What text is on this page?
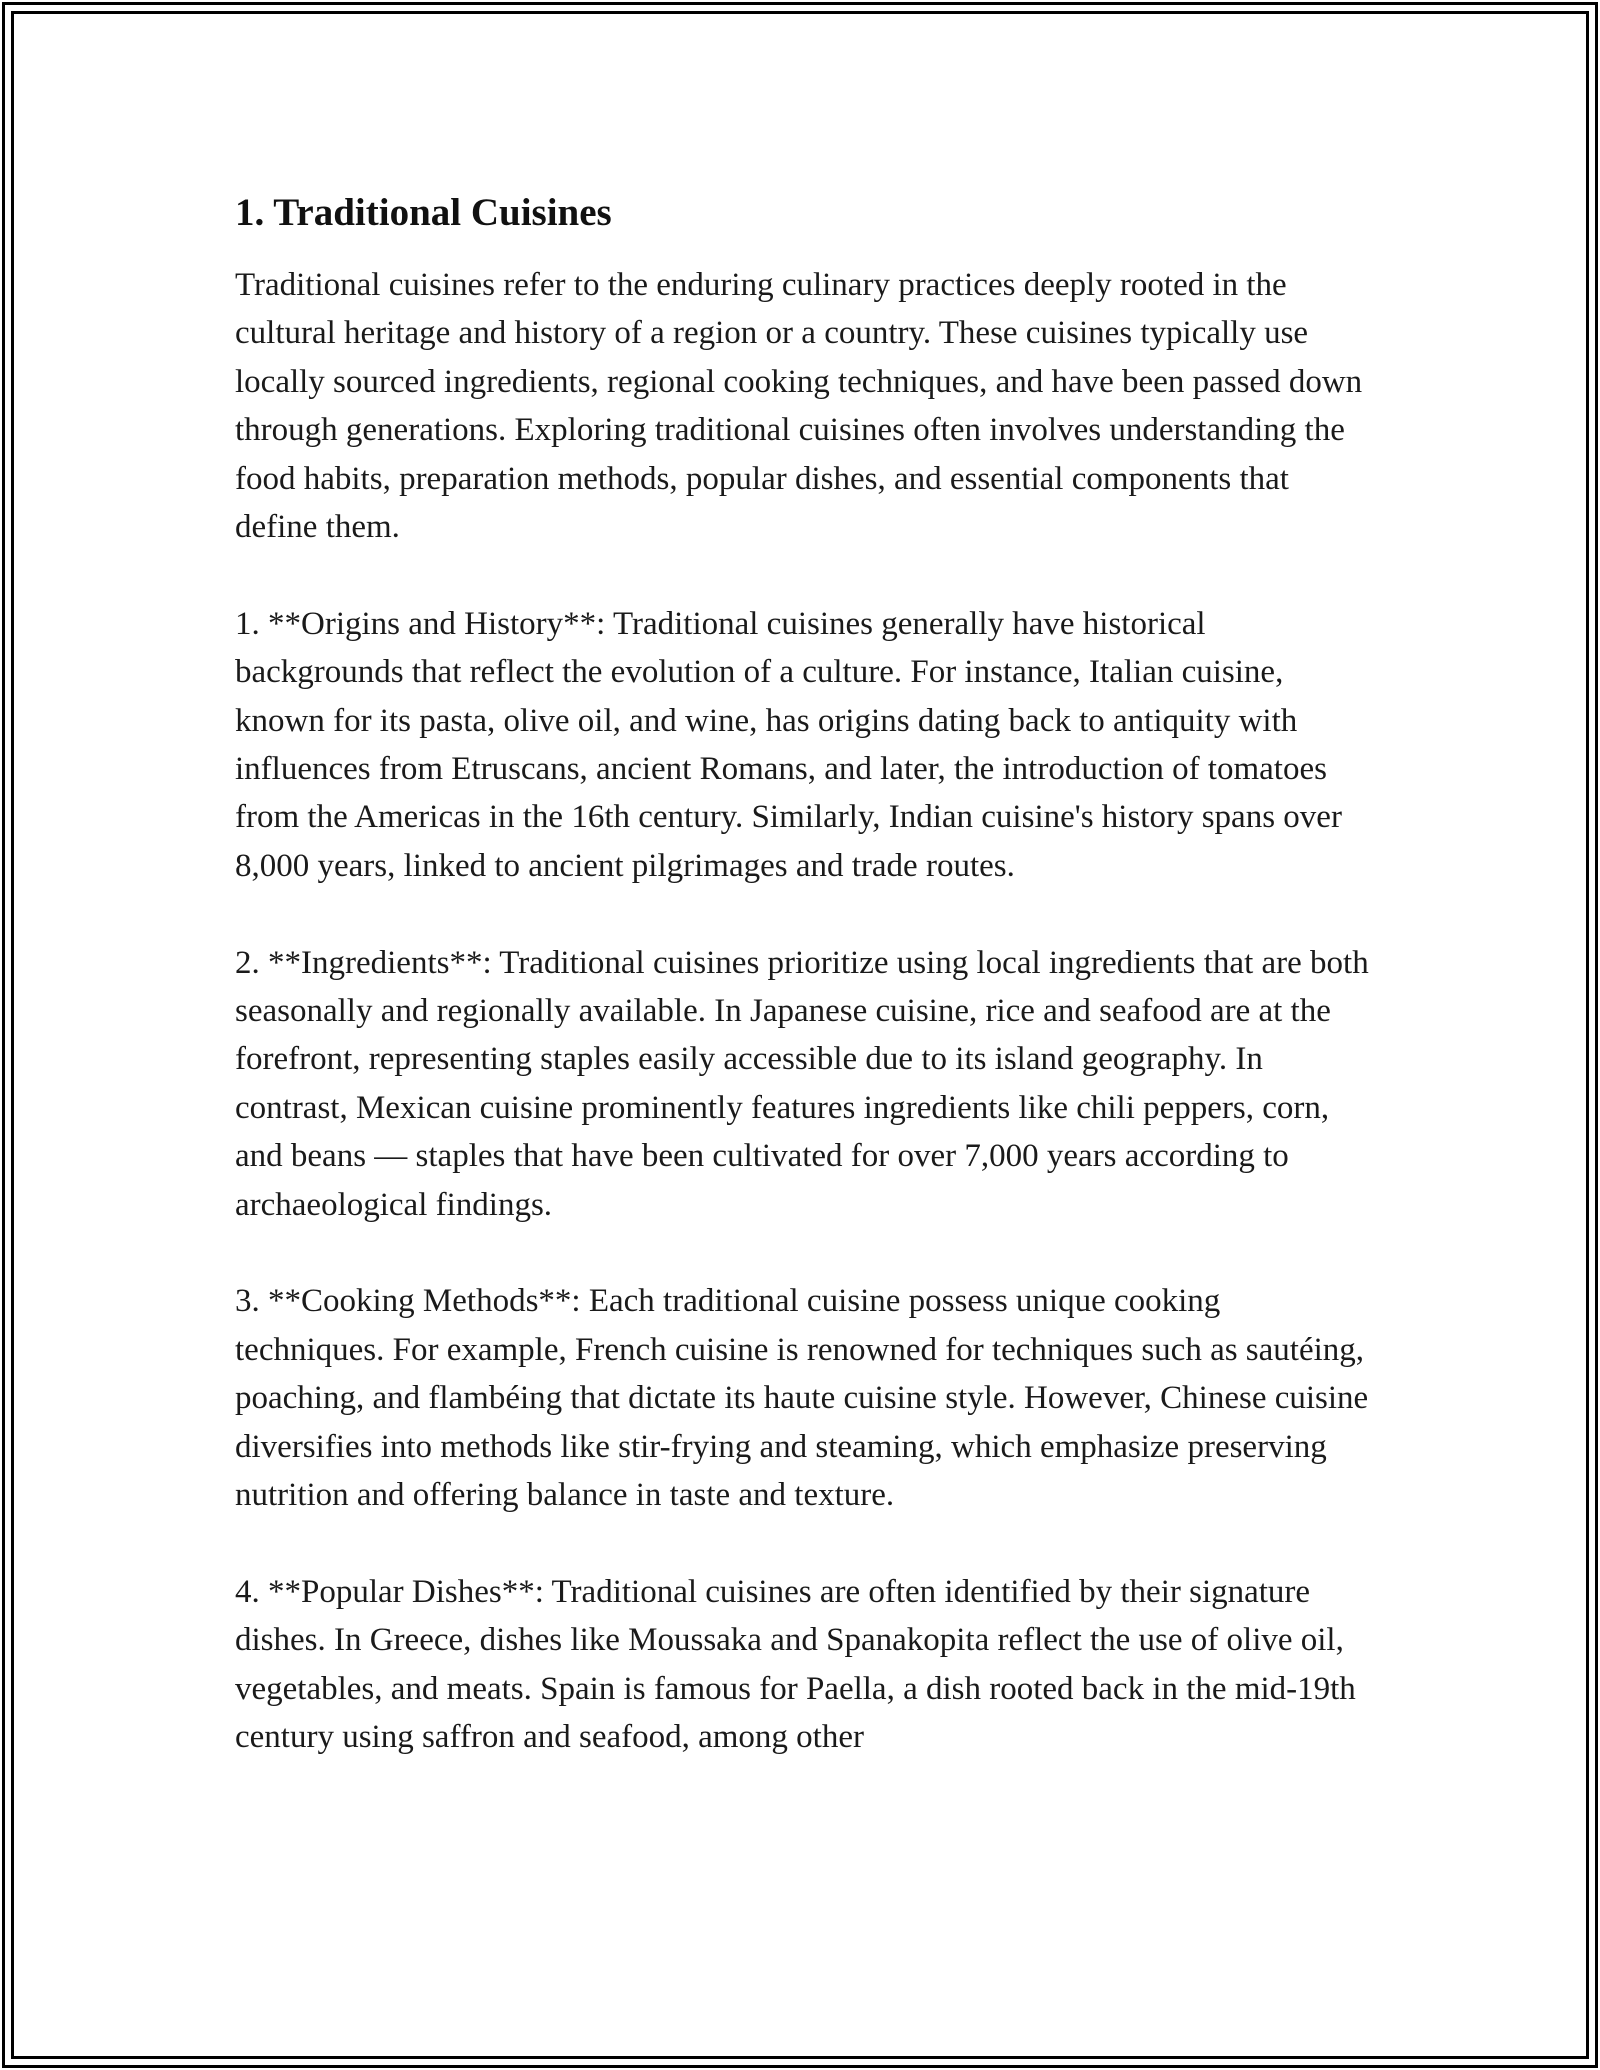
1. Traditional Cuisines

Traditional cuisines refer to the enduring culinary practices deeply rooted in the cultural heritage and history of a region or a country. These cuisines typically use locally sourced ingredients, regional cooking techniques, and have been passed down through generations. Exploring traditional cuisines often involves understanding the food habits, preparation methods, popular dishes, and essential components that define them.

1. **Origins and History**: Traditional cuisines generally have historical backgrounds that reflect the evolution of a culture. For instance, Italian cuisine, known for its pasta, olive oil, and wine, has origins dating back to antiquity with influences from Etruscans, ancient Romans, and later, the introduction of tomatoes from the Americas in the 16th century. Similarly, Indian cuisine's history spans over 8,000 years, linked to ancient pilgrimages and trade routes.

2. **Ingredients**: Traditional cuisines prioritize using local ingredients that are both seasonally and regionally available. In Japanese cuisine, rice and seafood are at the forefront, representing staples easily accessible due to its island geography. In contrast, Mexican cuisine prominently features ingredients like chili peppers, corn, and beans — staples that have been cultivated for over 7,000 years according to archaeological findings.

3. **Cooking Methods**: Each traditional cuisine possess unique cooking techniques. For example, French cuisine is renowned for techniques such as sautéing, poaching, and flambéing that dictate its haute cuisine style. However, Chinese cuisine diversifies into methods like stir-frying and steaming, which emphasize preserving nutrition and offering balance in taste and texture.

4. **Popular Dishes**: Traditional cuisines are often identified by their signature dishes. In Greece, dishes like Moussaka and Spanakopita reflect the use of olive oil, vegetables, and meats. Spain is famous for Paella, a dish rooted back in the mid-19th century using saffron and seafood, among other
